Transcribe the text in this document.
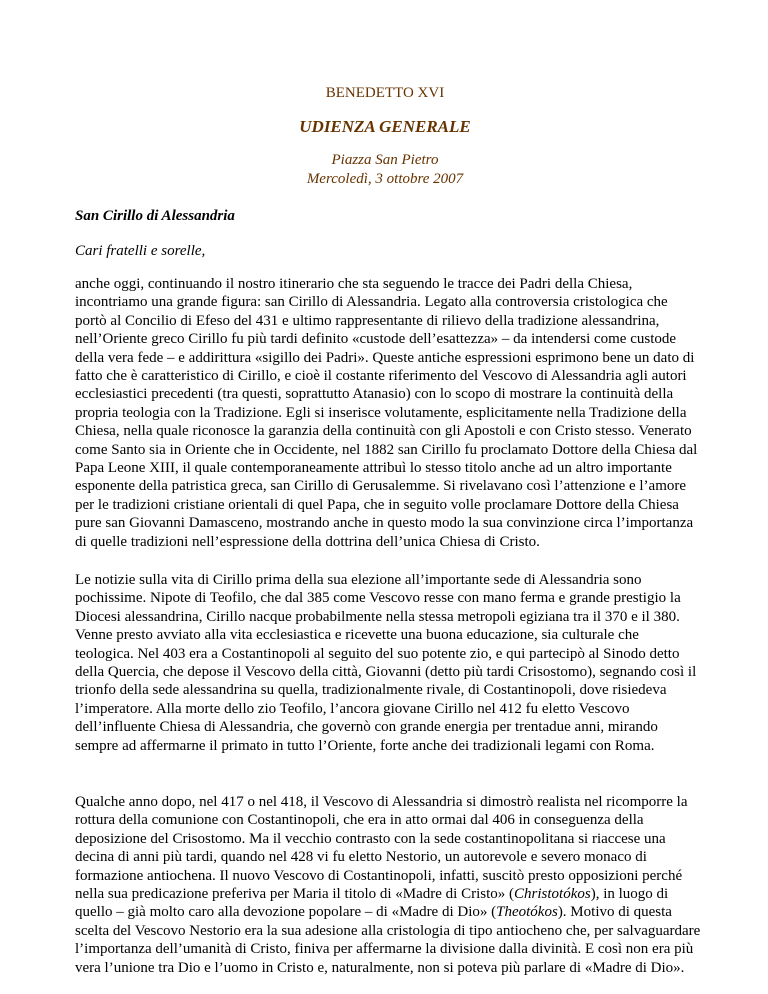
BENEDETTO XVI
UDIENZA GENERALE
Piazza San Pietro
Mercoledì, 3 ottobre 2007
San Cirillo di Alessandria
Cari fratelli e sorelle,

anche oggi, continuando il nostro itinerario che sta seguendo le tracce dei Padri della Chiesa, incontriamo una grande figura: san Cirillo di Alessandria. Legato alla controversia cristologica che portò al Concilio di Efeso del 431 e ultimo rappresentante di rilievo della tradizione alessandrina, nell’Oriente greco Cirillo fu più tardi definito «custode dell’esattezza» – da intendersi come custode della vera fede – e addirittura «sigillo dei Padri». Queste antiche espressioni esprimono bene un dato di fatto che è caratteristico di Cirillo, e cioè il costante riferimento del Vescovo di Alessandria agli autori ecclesiastici precedenti (tra questi, soprattutto Atanasio) con lo scopo di mostrare la continuità della propria teologia con la Tradizione. Egli si inserisce volutamente, esplicitamente nella Tradizione della Chiesa, nella quale riconosce la garanzia della continuità con gli Apostoli e con Cristo stesso. Venerato come Santo sia in Oriente che in Occidente, nel 1882 san Cirillo fu proclamato Dottore della Chiesa dal Papa Leone XIII, il quale contemporaneamente attribuì lo stesso titolo anche ad un altro importante esponente della patristica greca, san Cirillo di Gerusalemme. Si rivelavano così l’attenzione e l’amore per le tradizioni cristiane orientali di quel Papa, che in seguito volle proclamare Dottore della Chiesa pure san Giovanni Damasceno, mostrando anche in questo modo la sua convinzione circa l’importanza di quelle tradizioni nell’espressione della dottrina dell’unica Chiesa di Cristo.

Le notizie sulla vita di Cirillo prima della sua elezione all’importante sede di Alessandria sono pochissime. Nipote di Teofilo, che dal 385 come Vescovo resse con mano ferma e grande prestigio la Diocesi alessandrina, Cirillo nacque probabilmente nella stessa metropoli egiziana tra il 370 e il 380. Venne presto avviato alla vita ecclesiastica e ricevette una buona educazione, sia culturale che teologica. Nel 403 era a Costantinopoli al seguito del suo potente zio, e qui partecipò al Sinodo detto della Quercia, che depose il Vescovo della città, Giovanni (detto più tardi Crisostomo), segnando così il trionfo della sede alessandrina su quella, tradizionalmente rivale, di Costantinopoli, dove risiedeva l’imperatore. Alla morte dello zio Teofilo, l’ancora giovane Cirillo nel 412 fu eletto Vescovo dell’influente Chiesa di Alessandria, che governò con grande energia per trentadue anni, mirando sempre ad affermarne il primato in tutto l’Oriente, forte anche dei tradizionali legami con Roma.

Qualche anno dopo, nel 417 o nel 418, il Vescovo di Alessandria si dimostrò realista nel ricomporre la rottura della comunione con Costantinopoli, che era in atto ormai dal 406 in conseguenza della deposizione del Crisostomo. Ma il vecchio contrasto con la sede costantinopolitana si riaccese una decina di anni più tardi, quando nel 428 vi fu eletto Nestorio, un autorevole e severo monaco di formazione antiochena. Il nuovo Vescovo di Costantinopoli, infatti, suscitò presto opposizioni perché nella sua predicazione preferiva per Maria il titolo di «Madre di Cristo» (Christotókos), in luogo di quello – già molto caro alla devozione popolare – di «Madre di Dio» (Theotókos). Motivo di questa scelta del Vescovo Nestorio era la sua adesione alla cristologia di tipo antiocheno che, per salvaguardare l’importanza dell’umanità di Cristo, finiva per affermarne la divisione dalla divinità. E così non era più vera l’unione tra Dio e l’uomo in Cristo e, naturalmente, non si poteva più parlare di «Madre di Dio».
